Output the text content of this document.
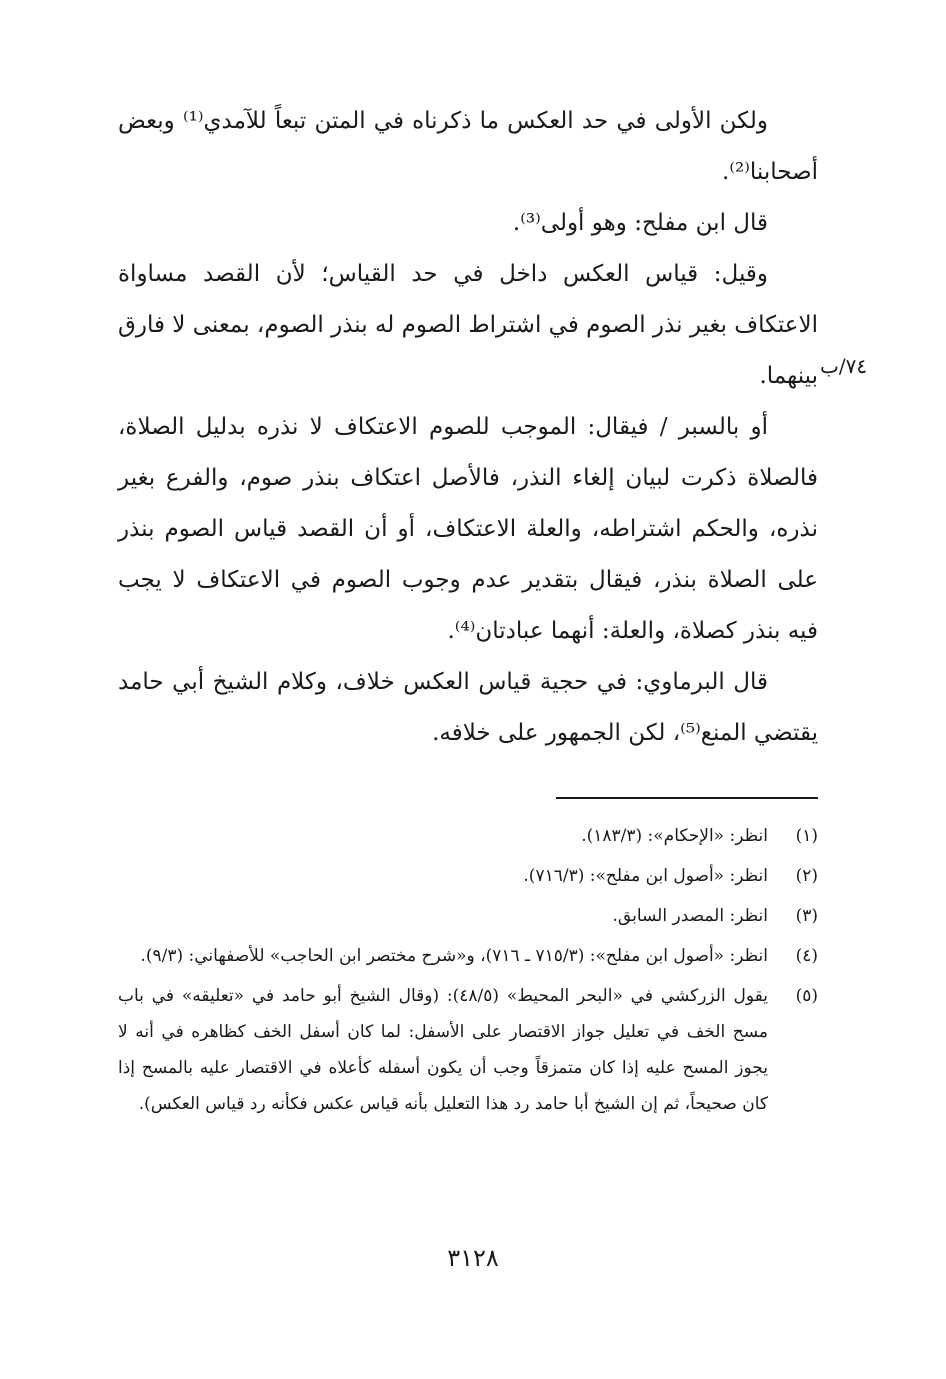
ولكن الأولى في حد العكس ما ذكرناه في المتن تبعاً للآمدي⁽¹⁾ وبعض أصحابنا⁽²⁾.

قال ابن مفلح: وهو أولى⁽³⁾.

وقيل: قياس العكس داخل في حد القياس؛ لأن القصد مساواة الاعتكاف بغير نذر الصوم في اشتراط الصوم له بنذر الصوم، بمعنى لا فارق بينهما.

أو بالسبر / فيقال: الموجب للصوم الاعتكاف لا نذره بدليل الصلاة، فالصلاة ذكرت لبيان إلغاء النذر، فالأصل اعتكاف بنذر صوم، والفرع بغير نذره، والحكم اشتراطه، والعلة الاعتكاف، أو أن القصد قياس الصوم بنذر على الصلاة بنذر، فيقال بتقدير عدم وجوب الصوم في الاعتكاف لا يجب فيه بنذر كصلاة، والعلة: أنهما عبادتان⁽⁴⁾.

قال البرماوي: في حجية قياس العكس خلاف، وكلام الشيخ أبي حامد يقتضي المنع⁽⁵⁾، لكن الجمهور على خلافه.

٧٤/ب
(١)
انظر: «الإحكام»: (١٨٣/٣).
(٢)
انظر: «أصول ابن مفلح»: (٧١٦/٣).
(٣)
انظر: المصدر السابق.
(٤)
انظر: «أصول ابن مفلح»: (٧١٥/٣ ـ ٧١٦)، و«شرح مختصر ابن الحاجب» للأصفهاني: (٩/٣).
(٥)
يقول الزركشي في «البحر المحيط» (٤٨/٥): (وقال الشيخ أبو حامد في «تعليقه» في باب مسح الخف في تعليل جواز الاقتصار على الأسفل: لما كان أسفل الخف كظاهره في أنه لا يجوز المسح عليه إذا كان متمزقاً وجب أن يكون أسفله كأعلاه في الاقتصار عليه بالمسح إذا كان صحيحاً، ثم إن الشيخ أبا حامد رد هذا التعليل بأنه قياس عكس فكأنه رد قياس العكس).
٣١٢٨
